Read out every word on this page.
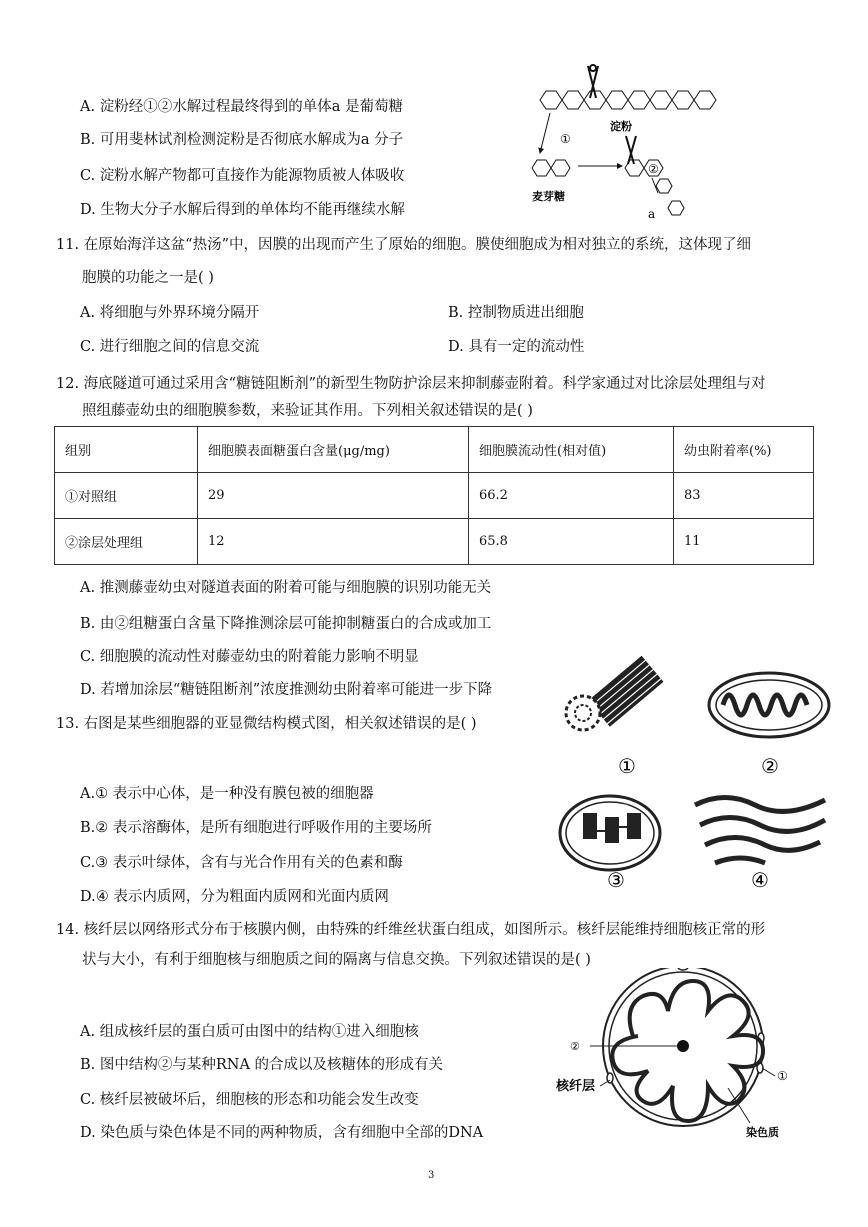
A. 淀粉经①②水解过程最终得到的单体a 是葡萄糖
B. 可用斐林试剂检测淀粉是否彻底水解成为a 分子
C. 淀粉水解产物都可直接作为能源物质被人体吸收
D. 生物大分子水解后得到的单体均不能再继续水解
淀粉
①
麦芽糖
②
a
11. 在原始海洋这盆“热汤”中，因膜的出现而产生了原始的细胞。膜使细胞成为相对独立的系统，这体现了细
胞膜的功能之一是( )
A. 将细胞与外界环境分隔开	B. 控制物质进出细胞
C. 进行细胞之间的信息交流	D. 具有一定的流动性
12. 海底隧道可通过采用含“糖链阻断剂”的新型生物防护涂层来抑制藤壶附着。科学家通过对比涂层处理组与对
照组藤壶幼虫的细胞膜参数，来验证其作用。下列相关叙述错误的是( )
组别	细胞膜表面糖蛋白含量(μg/mg)	细胞膜流动性(相对值)	幼虫附着率(%)
①对照组	29	66.2	83
②涂层处理组	12	65.8	11
A. 推测藤壶幼虫对隧道表面的附着可能与细胞膜的识别功能无关
B. 由②组糖蛋白含量下降推测涂层可能抑制糖蛋白的合成或加工
C. 细胞膜的流动性对藤壶幼虫的附着能力影响不明显
D. 若增加涂层“糖链阻断剂”浓度推测幼虫附着率可能进一步下降
13. 右图是某些细胞器的亚显微结构模式图，相关叙述错误的是( )
A.① 表示中心体，是一种没有膜包被的细胞器
B.② 表示溶酶体，是所有细胞进行呼吸作用的主要场所
C.③ 表示叶绿体，含有与光合作用有关的色素和酶
D.④ 表示内质网，分为粗面内质网和光面内质网
①	②
③	④
14. 核纤层以网络形式分布于核膜内侧，由特殊的纤维丝状蛋白组成，如图所示。核纤层能维持细胞核正常的形
状与大小，有利于细胞核与细胞质之间的隔离与信息交换。下列叙述错误的是( )
A. 组成核纤层的蛋白质可由图中的结构①进入细胞核
B. 图中结构②与某种RNA 的合成以及核糖体的形成有关
C. 核纤层被破坏后，细胞核的形态和功能会发生改变
D. 染色质与染色体是不同的两种物质，含有细胞中全部的DNA
②
①
核纤层
染色质
3
